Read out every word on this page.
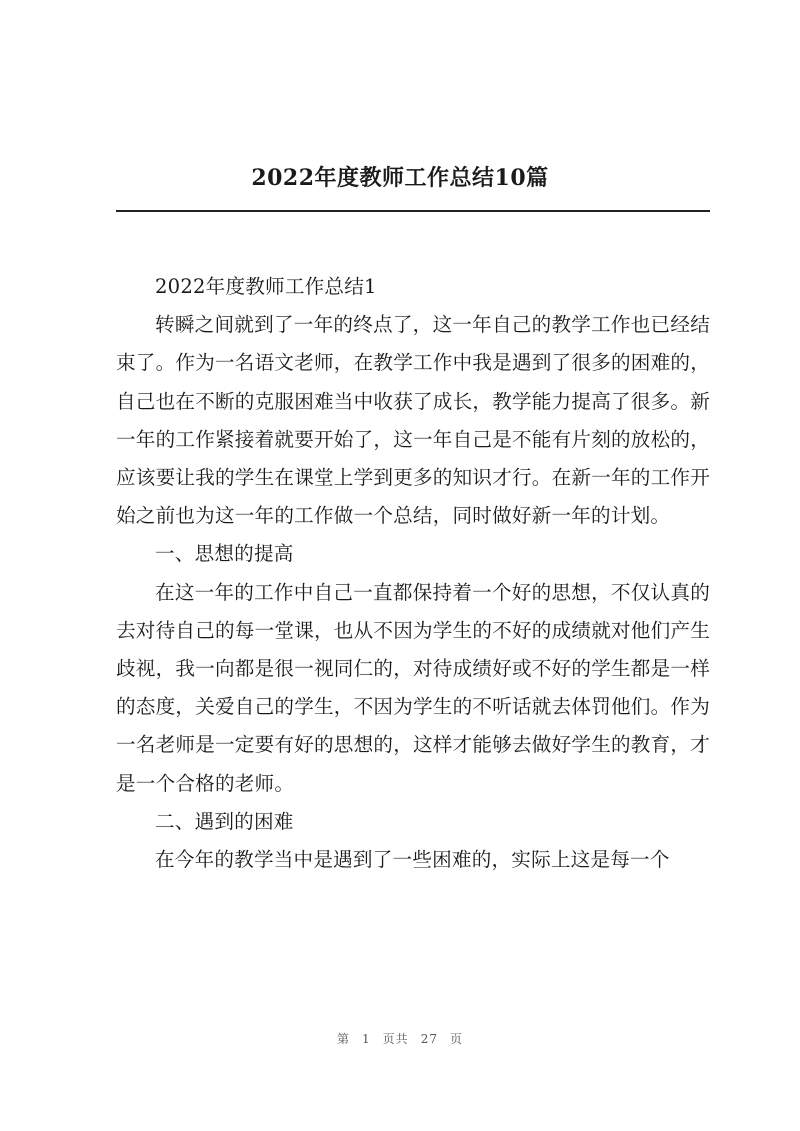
2022年度教师工作总结10篇

2022年度教师工作总结1

转瞬之间就到了一年的终点了，这一年自己的教学工作也已经结束了。作为一名语文老师，在教学工作中我是遇到了很多的困难的，自己也在不断的克服困难当中收获了成长，教学能力提高了很多。新一年的工作紧接着就要开始了，这一年自己是不能有片刻的放松的，应该要让我的学生在课堂上学到更多的知识才行。在新一年的工作开始之前也为这一年的工作做一个总结，同时做好新一年的计划。

一、思想的提高

在这一年的工作中自己一直都保持着一个好的思想，不仅认真的去对待自己的每一堂课，也从不因为学生的不好的成绩就对他们产生歧视，我一向都是很一视同仁的，对待成绩好或不好的学生都是一样的态度，关爱自己的学生，不因为学生的不听话就去体罚他们。作为一名老师是一定要有好的思想的，这样才能够去做好学生的教育，才是一个合格的老师。

二、遇到的困难

在今年的教学当中是遇到了一些困难的，实际上这是每一个

第 1 页共 27 页
